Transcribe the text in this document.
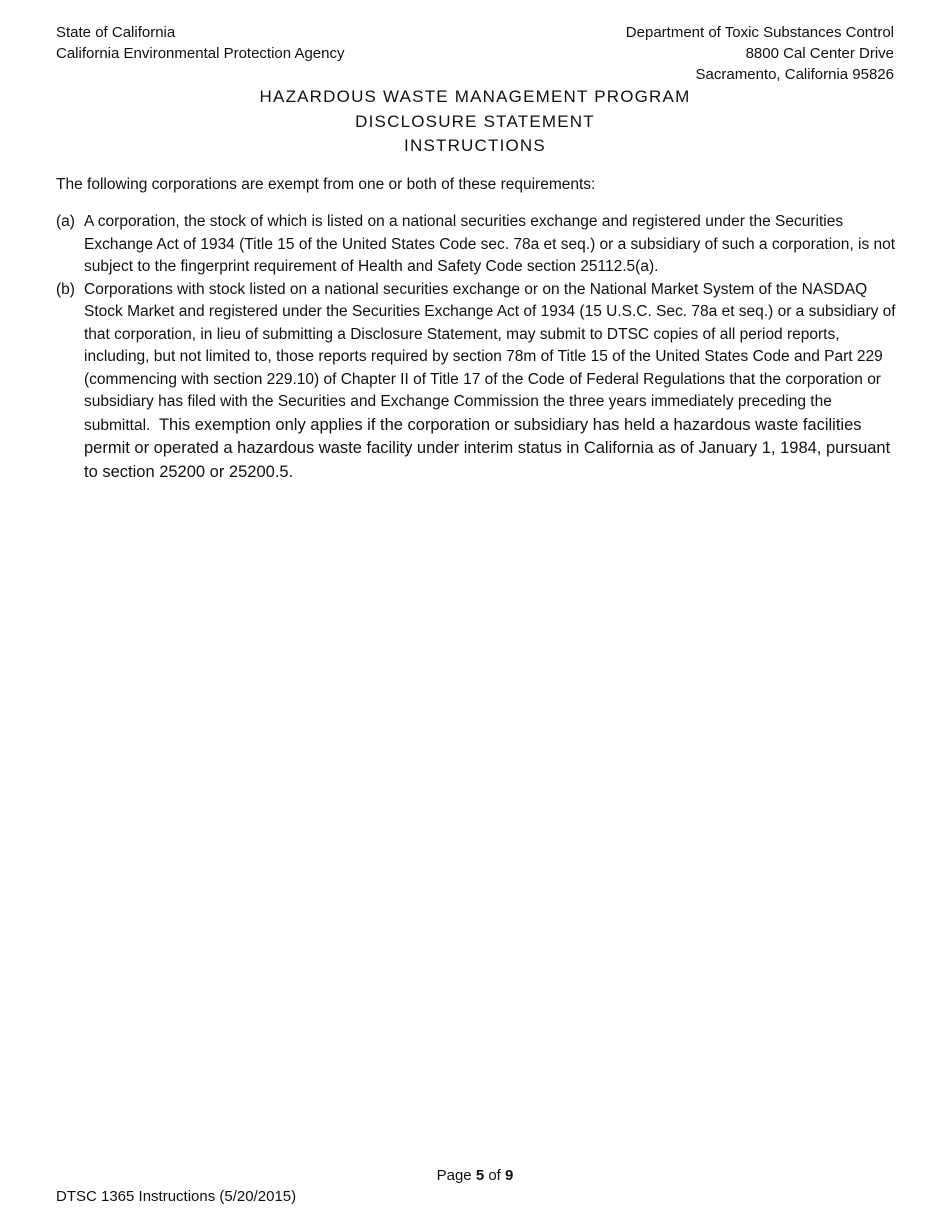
State of California
California Environmental Protection Agency
Department of Toxic Substances Control
8800 Cal Center Drive
Sacramento, California 95826
HAZARDOUS WASTE MANAGEMENT PROGRAM
DISCLOSURE STATEMENT
INSTRUCTIONS
The following corporations are exempt from one or both of these requirements:
(a) A corporation, the stock of which is listed on a national securities exchange and registered under the Securities Exchange Act of 1934 (Title 15 of the United States Code sec. 78a et seq.) or a subsidiary of such a corporation, is not subject to the fingerprint requirement of Health and Safety Code section 25112.5(a).
(b) Corporations with stock listed on a national securities exchange or on the National Market System of the NASDAQ Stock Market and registered under the Securities Exchange Act of 1934 (15 U.S.C. Sec. 78a et seq.) or a subsidiary of that corporation, in lieu of submitting a Disclosure Statement, may submit to DTSC copies of all period reports, including, but not limited to, those reports required by section 78m of Title 15 of the United States Code and Part 229 (commencing with section 229.10) of Chapter II of Title 17 of the Code of Federal Regulations that the corporation or subsidiary has filed with the Securities and Exchange Commission the three years immediately preceding the submittal. This exemption only applies if the corporation or subsidiary has held a hazardous waste facilities permit or operated a hazardous waste facility under interim status in California as of January 1, 1984, pursuant to section 25200 or 25200.5.
Page 5 of 9
DTSC 1365 Instructions (5/20/2015)
